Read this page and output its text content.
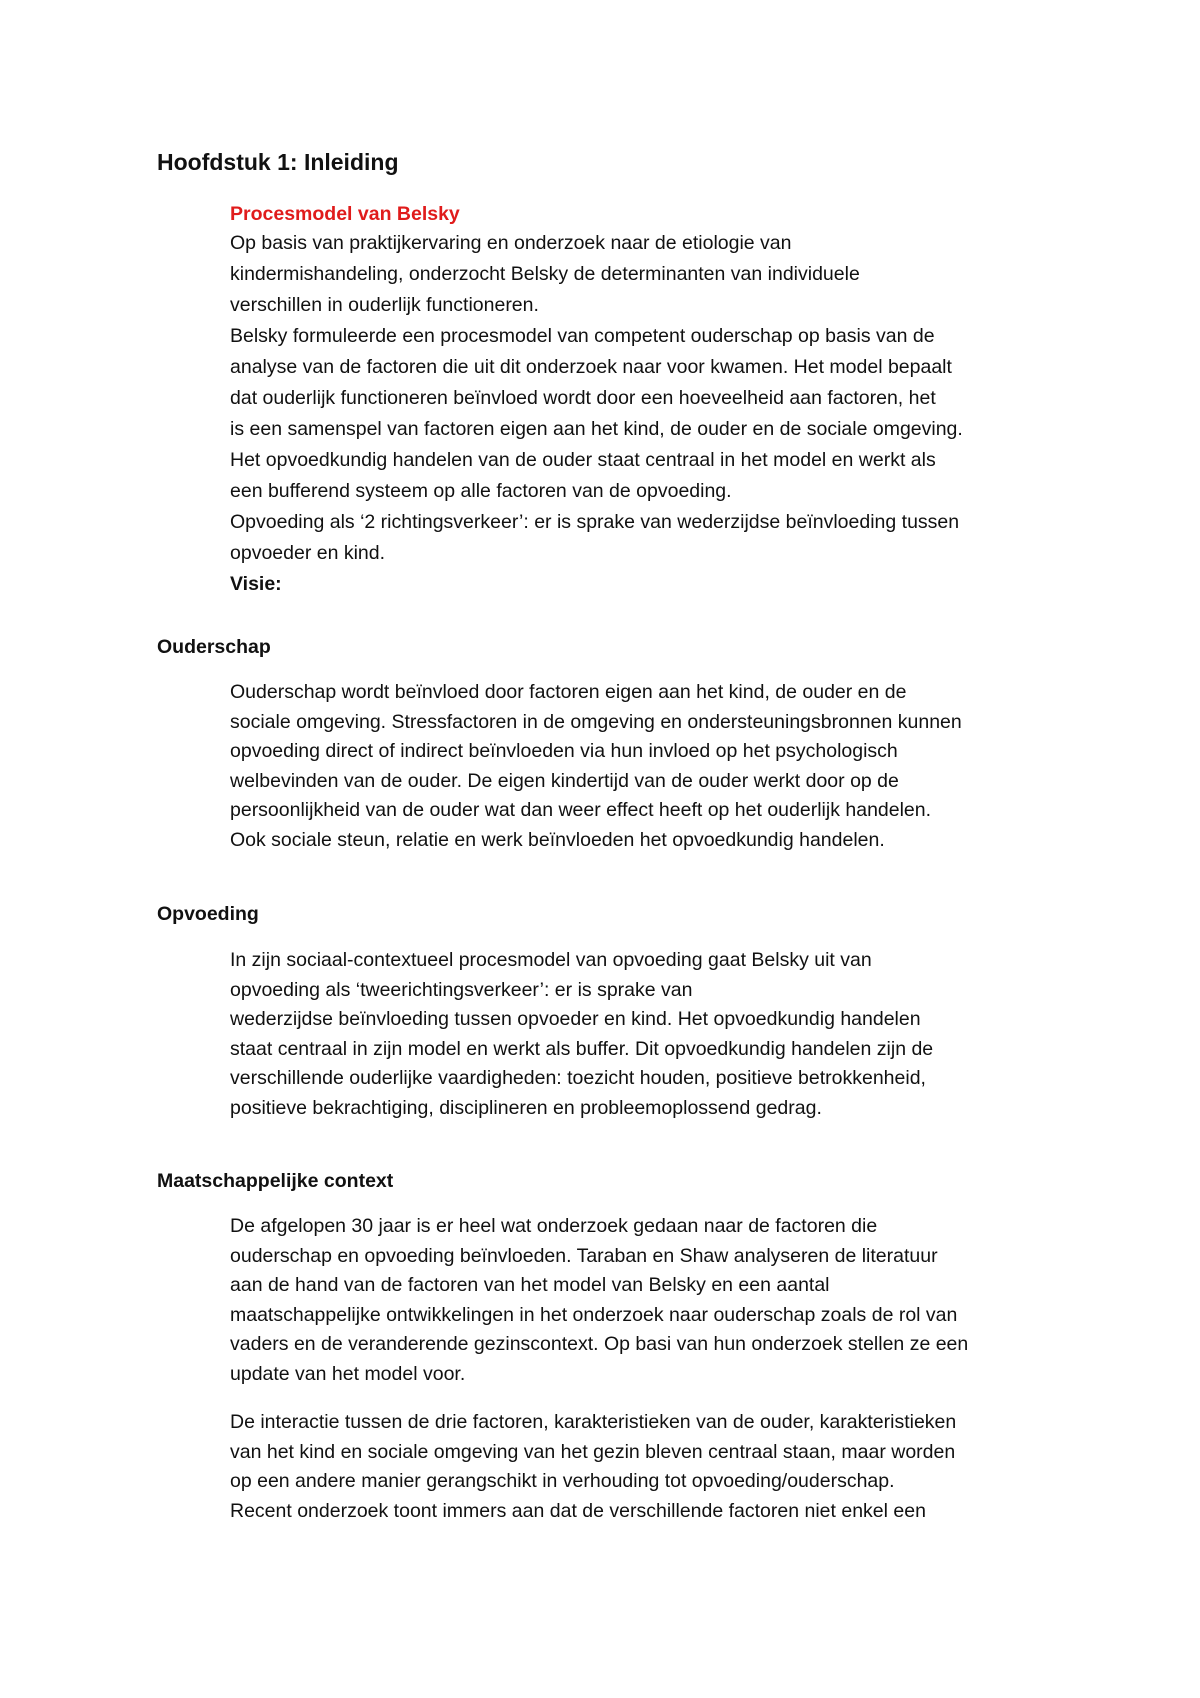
Hoofdstuk 1: Inleiding
Procesmodel van Belsky
Op basis van praktijkervaring en onderzoek naar de etiologie van
kindermishandeling, onderzocht Belsky de determinanten van individuele
verschillen in ouderlijk functioneren.
Belsky formuleerde een procesmodel van competent ouderschap op basis van de
analyse van de factoren die uit dit onderzoek naar voor kwamen. Het model bepaalt
dat ouderlijk functioneren beïnvloed wordt door een hoeveelheid aan factoren, het
is een samenspel van factoren eigen aan het kind, de ouder en de sociale omgeving.
Het opvoedkundig handelen van de ouder staat centraal in het model en werkt als
een bufferend systeem op alle factoren van de opvoeding.
Opvoeding als ‘2 richtingsverkeer’: er is sprake van wederzijdse beïnvloeding tussen
opvoeder en kind.
Visie:
Ouderschap
Ouderschap wordt beïnvloed door factoren eigen aan het kind, de ouder en de
sociale omgeving. Stressfactoren in de omgeving en ondersteuningsbronnen kunnen
opvoeding direct of indirect beïnvloeden via hun invloed op het psychologisch
welbevinden van de ouder. De eigen kindertijd van de ouder werkt door op de
persoonlijkheid van de ouder wat dan weer effect heeft op het ouderlijk handelen.
Ook sociale steun, relatie en werk beïnvloeden het opvoedkundig handelen.
Opvoeding
In zijn sociaal-contextueel procesmodel van opvoeding gaat Belsky uit van
opvoeding als ‘tweerichtingsverkeer’: er is sprake van
wederzijdse beïnvloeding tussen opvoeder en kind. Het opvoedkundig handelen
staat centraal in zijn model en werkt als buffer. Dit opvoedkundig handelen zijn de
verschillende ouderlijke vaardigheden: toezicht houden, positieve betrokkenheid,
positieve bekrachtiging, disciplineren en probleemoplossend gedrag.
Maatschappelijke context
De afgelopen 30 jaar is er heel wat onderzoek gedaan naar de factoren die
ouderschap en opvoeding beïnvloeden. Taraban en Shaw analyseren de literatuur
aan de hand van de factoren van het model van Belsky en een aantal
maatschappelijke ontwikkelingen in het onderzoek naar ouderschap zoals de rol van
vaders en de veranderende gezinscontext. Op basi van hun onderzoek stellen ze een
update van het model voor.
De interactie tussen de drie factoren, karakteristieken van de ouder, karakteristieken
van het kind en sociale omgeving van het gezin bleven centraal staan, maar worden
op een andere manier gerangschikt in verhouding tot opvoeding/ouderschap.
Recent onderzoek toont immers aan dat de verschillende factoren niet enkel een
